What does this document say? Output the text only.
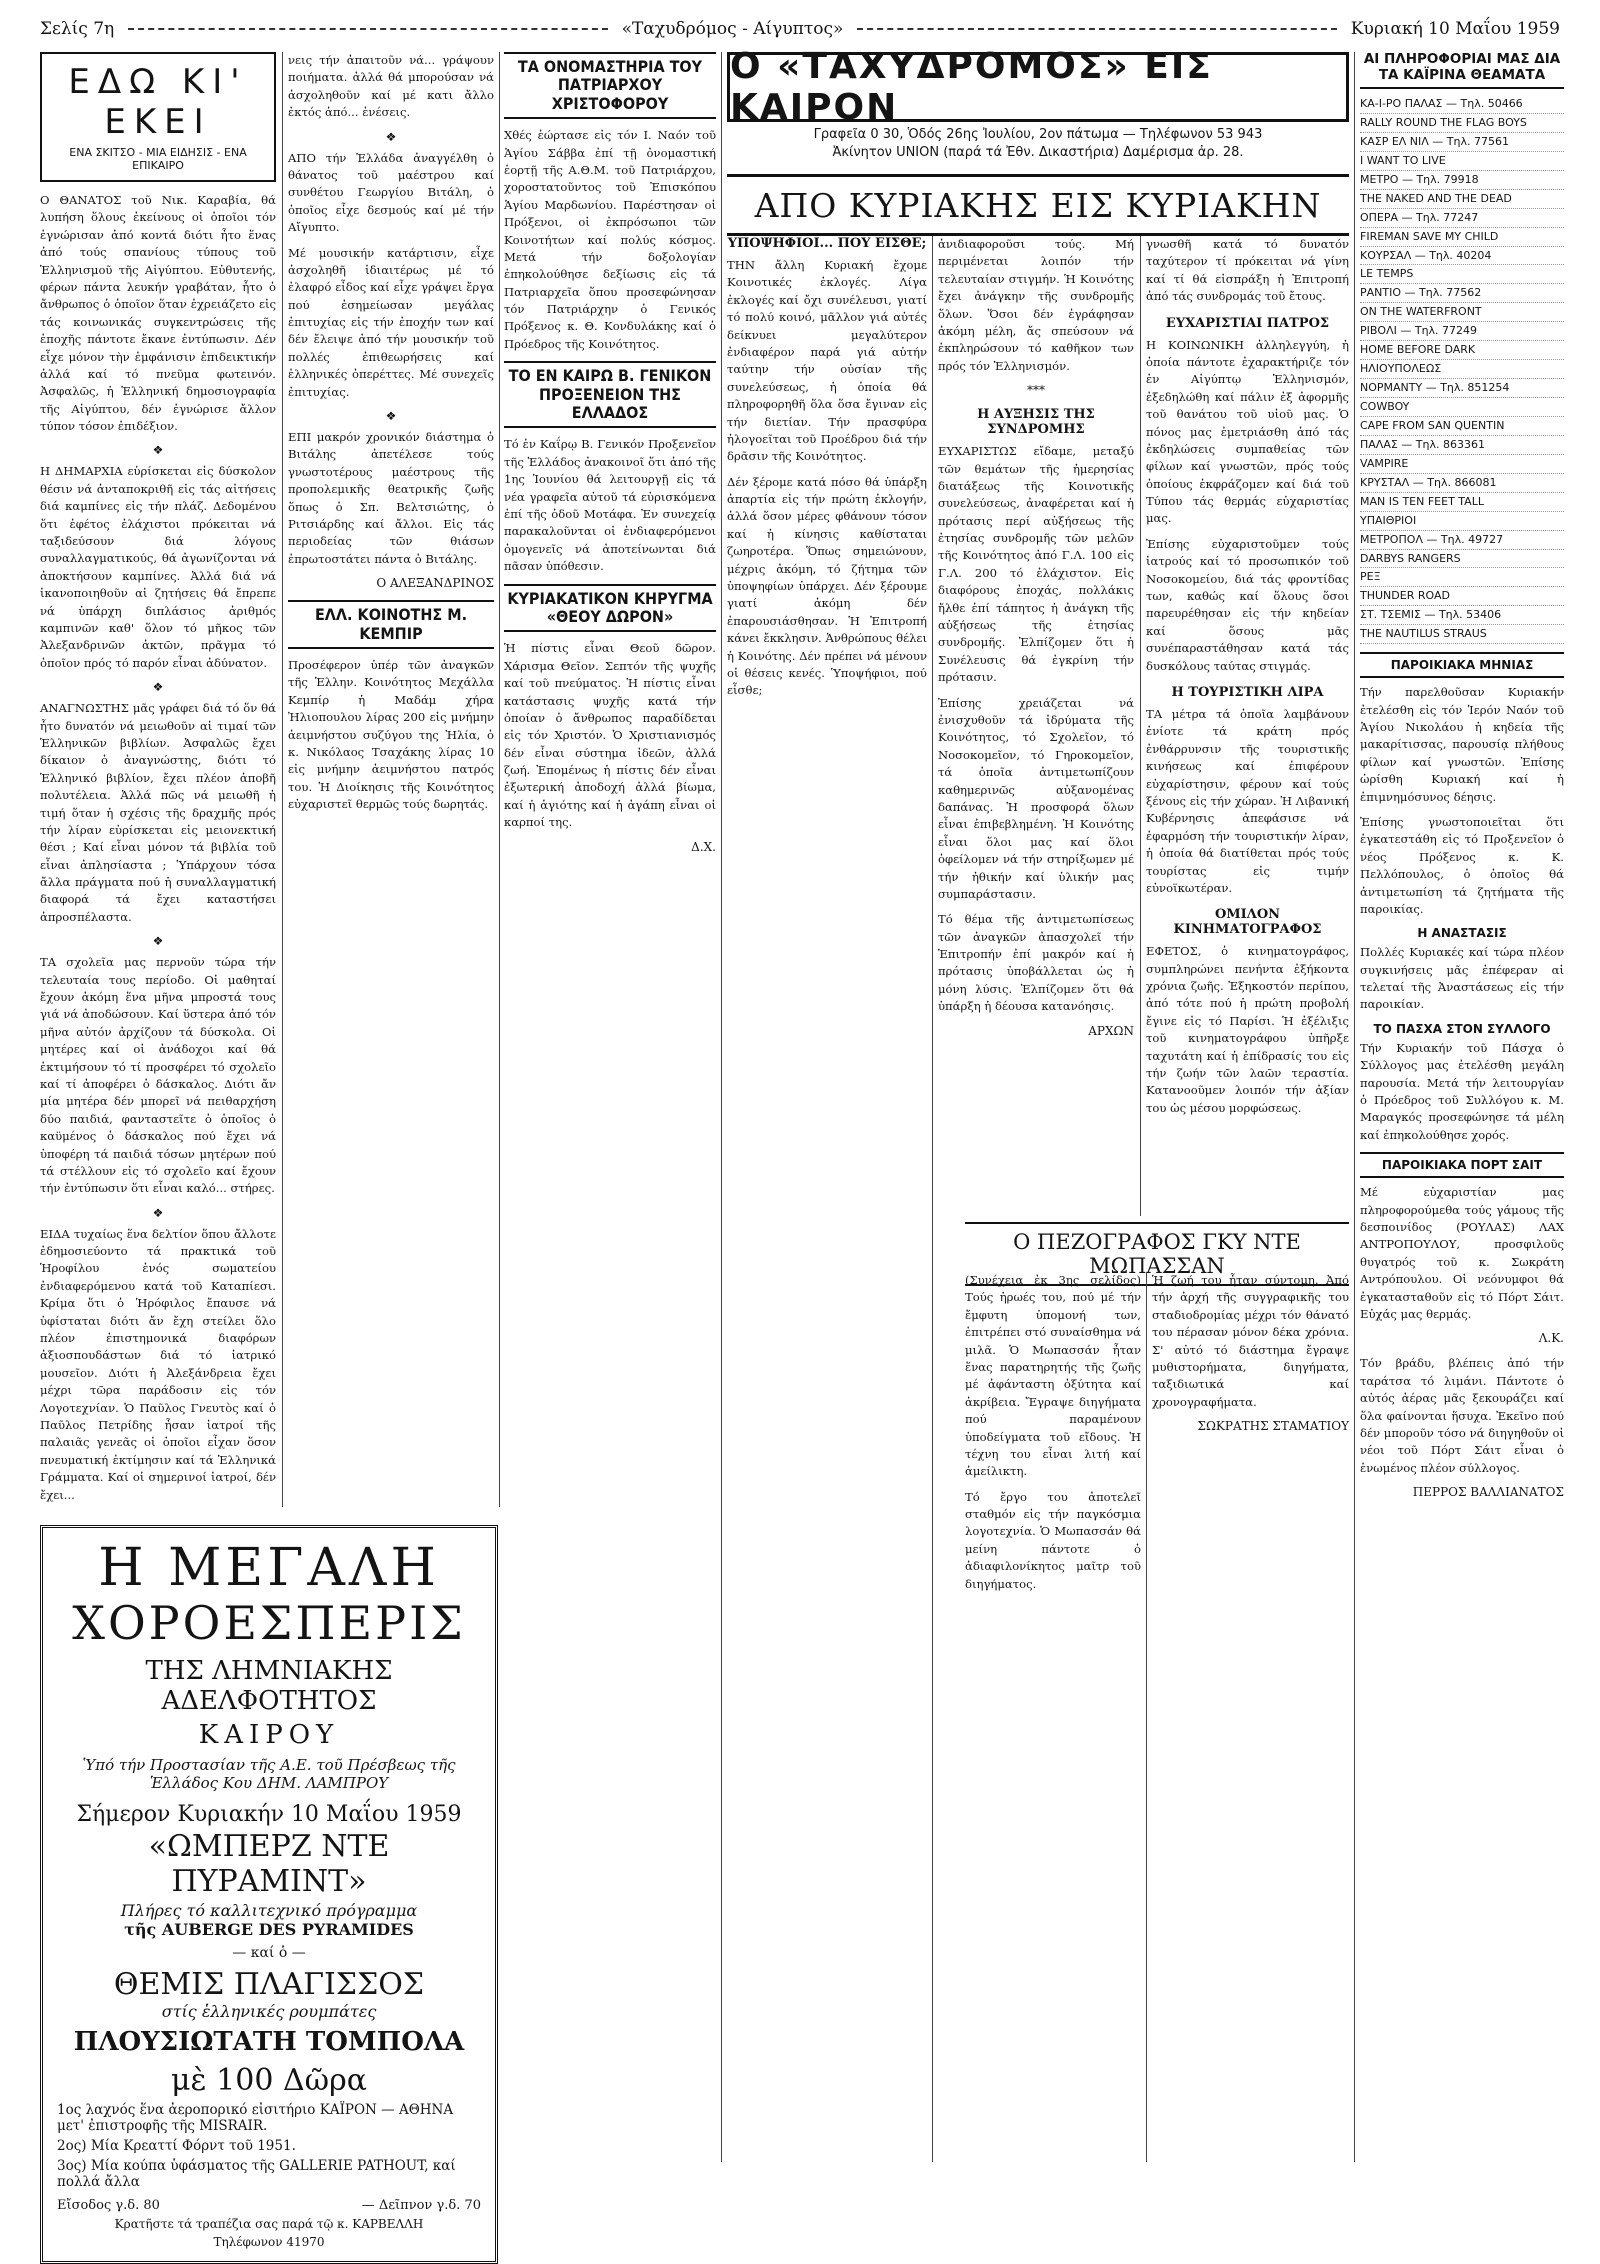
Σελίς 7η	«Ταχυδρόμος - Αίγυπτος»	Κυριακή 10 Μαΐου 1959
ΕΔΩ ΚΙ' ΕΚΕΙ
ΕΝΑ ΣΚΙΤΣΟ - ΜΙΑ ΕΙΔΗΣΙΣ - ΕΝΑ ΕΠΙΚΑΙΡΟ

Ο ΘΑΝΑΤΟΣ τοῦ Νικ. Καραβία, θά λυπήση ὅλους ἐκείνους οἱ ὁποῖοι τόν ἐγνώρισαν ἀπό κοντά διότι ἦτο ἕνας ἀπό τούς σπανίους τύπους τοῦ Ἑλληνισμοῦ τῆς Αἰγύπτου. Εὐθυτενής, φέρων πάντα λευκήν γραβάταν, ἦτο ὁ ἄνθρωπος ὁ ὁποῖον ὅταν ἐχρειάζετο εἰς τάς κοινωνικάς συγκεντρώσεις τῆς ἐποχῆς πάντοτε ἔκανε ἐντύπωσιν. Δέν εἶχε μόνον τὴν ἐμφάνισιν ἐπιδεικτικήν ἀλλά καί τό πνεῦμα φωτεινόν. Ἀσφαλῶς, ἡ Ἑλληνική δημοσιογραφία τῆς Αἰγύπτου, δέν ἐγνώρισε ἄλλον τύπον τόσον ἐπιδέξιον.

❖

Η ΔΗΜΑΡΧΙΑ εὑρίσκεται εἰς δύσκολον θέσιν νά ἀνταποκριθῆ εἰς τάς αἰτήσεις διά καμπίνες εἰς τήν πλάζ. Δεδομένου ὅτι ἐφέτος ἐλάχιστοι πρόκειται νά ταξιδεύσουν διά λόγους συναλλαγματικούς, θά ἀγωνίζονται νά ἀποκτήσουν καμπίνες. Ἀλλά διά νά ἱκανοποιηθοῦν αἱ ζητήσεις θά ἔπρεπε νά ὑπάρχη διπλάσιος ἀριθμός καμπινῶν καθ' ὅλον τό μῆκος τῶν Ἀλεξανδρινῶν ἀκτῶν, πρᾶγμα τό ὁποῖον πρός τό παρόν εἶναι ἀδύνατον.

❖

ΑΝΑΓΝΩΣΤΗΣ μᾶς γράφει διά τό ὅν θά ἦτο δυνατόν νά μειωθοῦν αἱ τιμαί τῶν Ἑλληνικῶν βιβλίων. Ἀσφαλῶς ἔχει δίκαιον ὁ ἀναγνώστης, διότι τό Ἑλληνικό βιβλίον, ἔχει πλέον ἀποβῆ πολυτέλεια. Ἀλλά πῶς νά μειωθῆ ἡ τιμή ὅταν ἡ σχέσις τῆς δραχμῆς πρός τήν λίραν εὑρίσκεται εἰς μειονεκτική θέσι ; Καί εἶναι μόνον τά βιβλία τοῦ εἶναι ἀπλησίαστα ; Ὑπάρχουν τόσα ἄλλα πράγματα πού ἡ συναλλαγματική διαφορά τά ἔχει καταστήσει ἀπροσπέλαστα.

❖

ΤΑ σχολεῖα μας περνοῦν τώρα τήν τελευταία τους περίοδο. Οἱ μαθηταί ἔχουν ἀκόμη ἕνα μῆνα μπροστά τους γιά νά ἀποδώσουν. Καί ὕστερα ἀπό τόν μῆνα αὐτόν ἀρχίζουν τά δύσκολα. Οἱ μητέρες καί οἱ ἀνάδοχοι καί θά ἐκτιμήσουν τό τί προσφέρει τό σχολεῖο καί τί ἀποφέρει ὁ δάσκαλος. Διότι ἄν μία μητέρα δέν μπορεῖ νά πειθαρχήση δύο παιδιά, φανταστεῖτε ὁ ὁποῖος ὁ καϋμένος ὁ δάσκαλος πού ἔχει νά ὑποφέρη τά παιδιά τόσων μητέρων πού τά στέλλουν εἰς τό σχολεῖο καί ἔχουν τήν ἐντύπωσιν ὅτι εἶναι καλό... στήρες.

❖

ΕΙΔΑ τυχαίως ἕνα δελτίον ὅπου ἄλλοτε ἐδημοσιεύοντο τά πρακτικά τοῦ Ἡροφίλου ἑνός σωματείου ἐνδιαφερόμενου κατά τοῦ Καταπίεσι. Κρίμα ὅτι ὁ Ἡρόφιλος ἔπαυσε νά ὑφίσταται διότι ἄν ἔχη στείλει ὅλο πλέον ἐπιστημονικά διαφόρων ἀξιοσπουδάστων διά τό ἰατρικό μουσεῖον. Διότι ἡ Ἀλεξάνδρεια ἔχει μέχρι τῶρα παράδοσιν εἰς τόν Λογοτεχνίαν. Ὁ Παῦλος Γνευτὸς καί ὁ Παῦλος Πετρίδης ἦσαν ἰατροί τῆς παλαιᾶς γενεᾶς οἱ ὁποῖοι εἶχαν ὅσον πνευματική ἐκτίμησιν καί τά Ἑλληνικά Γράμματα. Καί οἱ σημερινοί ἰατροί, δέν ἔχει...

νεις τήν ἀπαιτοῦν νά... γράψουν ποιήματα. ἀλλά θά μπορούσαν νά ἀσχοληθοῦν καί μέ κατι ἄλλο ἐκτός ἀπό... ἐνέσεις.

❖

ΑΠΟ τήν Ἑλλάδα ἀναγγέλθη ὁ θάνατος τοῦ μαέστρου καί συνθέτου Γεωργίου Βιτάλη, ὁ ὁποῖος εἶχε δεσμούς καί μέ τήν Αἴγυπτο.

Μέ μουσικήν κατάρτισιν, εἶχε ἀσχοληθῆ ἰδιαιτέρως μέ τό ἐλαφρό εἶδος καί εἶχε γράψει ἔργα πού ἐσημείωσαν μεγάλας ἐπιτυχίας εἰς τήν ἐποχήν των καί δέν ἔλειψε ἀπό τήν μουσικήν τοῦ πολλές ἐπιθεωρήσεις καί ἑλληνικές ὀπερέττες. Μέ συνεχεῖς ἐπιτυχίας.

❖

ΕΠΙ μακρόν χρονικόν διάστημα ὁ Βιτάλης ἀπετέλεσε τούς γνωστοτέρους μαέστρους τῆς προπολεμικῆς θεατρικῆς ζωῆς ὅπως ὁ Σπ. Βελτσιώτης, ὁ Ριτσιάρδης καί ἄλλοι. Εἰς τάς περιοδείας τῶν θιάσων ἐπρωτοστάτει πάντα ὁ Βιτάλης.

Ο ΑΛΕΞΑΝΔΡΙΝΟΣ
ΕΛΛ. ΚΟΙΝΟΤΗΣ Μ. ΚΕΜΠΙΡ

Προσέφερον ὑπέρ τῶν ἀναγκῶν τῆς Ἑλλην. Κοινότητος Μεχάλλα Κεμπίρ ἡ Μαδάμ χήρα Ἠλιοπουλου λίρας 200 εἰς μνήμην ἀειμνήστου συζύγου της Ἠλία, ὁ κ. Νικόλαος Τσαχάκης λίρας 10 εἰς μνήμην ἀειμνήστου πατρός του. Ἡ Διοίκησις τῆς Κοινότητος εὐχαριστεῖ θερμῶς τούς δωρητάς.

ΤΑ ΟΝΟΜΑΣΤΗΡΙΑ ΤΟΥ ΠΑΤΡΙΑΡΧΟΥ ΧΡΙΣΤΟΦΟΡΟΥ

Χθές ἑώρτασε εἰς τόν Ι. Ναόν τοῦ Ἁγίου Σάββα ἐπί τῇ ὀνομαστική ἑορτῇ τῆς Α.Θ.Μ. τοῦ Πατριάρχου, χοροστατοῦντος τοῦ Ἐπισκόπου Ἁγίου Μαρδωνίου. Παρέστησαν οἱ Πρόξενοι, οἱ ἐκπρόσωποι τῶν Κοινοτήτων καί πολύς κόσμος. Μετά τήν δοξολογίαν ἐπηκολούθησε δεξίωσις εἰς τά Πατριαρχεῖα ὅπου προσεφώνησαν τόν Πατριάρχην ὁ Γενικός Πρόξενος κ. Θ. Κονδυλάκης καί ὁ Πρόεδρος τῆς Κοινότητος.

ΤΟ ΕΝ ΚΑΙΡΩ Β. ΓΕΝΙΚΟΝ ΠΡΟΞΕΝΕΙΟΝ ΤΗΣ ΕΛΛΑΔΟΣ

Τό ἐν Καΐρῳ Β. Γενικόν Προξενεῖον τῆς Ἑλλάδος ἀνακοινοῖ ὅτι ἀπό τῆς 1ης Ἰουνίου θά λειτουργῇ εἰς τά νέα γραφεῖα αὐτοῦ τά εὑρισκόμενα ἐπί τῆς ὁδοῦ Μοτάφα. Ἐν συνεχείᾳ παρακαλοῦνται οἱ ἐνδιαφερόμενοι ὁμογενεῖς νά ἀποτείνωνται διά πᾶσαν ὑπόθεσιν.

ΚΥΡΙΑΚΑΤΙΚΟΝ ΚΗΡΥΓΜΑ «ΘΕΟΥ ΔΩΡΟΝ»

Ἡ πίστις εἶναι Θεοῦ δῶρον. Χάρισμα Θεῖον. Σεπτόν τῆς ψυχῆς καί τοῦ πνεύματος. Ἡ πίστις εἶναι κατάστασις ψυχῆς κατά τήν ὁποίαν ὁ ἄνθρωπος παραδίδεται εἰς τόν Χριστόν. Ὁ Χριστιανισμός δέν εἶναι σύστημα ἰδεῶν, ἀλλά ζωή. Ἐπομένως ἡ πίστις δέν εἶναι ἐξωτερική ἀποδοχή ἀλλά βίωμα, καί ἡ ἁγιότης καί ἡ ἀγάπη εἶναι οἱ καρποί της.

Δ.Χ.
Η ΜΕΓΑΛΗ
ΧΟΡΟΕΣΠΕΡΙΣ
ΤΗΣ ΛΗΜΝΙΑΚΗΣ ΑΔΕΛΦΟΤΗΤΟΣ
ΚΑΙΡΟΥ
Ὑπό τήν Προστασίαν τῆς Α.Ε. τοῦ Πρέσβεως τῆς Ἑλλάδος Κου ΔΗΜ. ΛΑΜΠΡΟΥ
Σήμερον Κυριακήν 10 Μαΐου 1959
«ΩΜΠΕΡΖ ΝΤΕ ΠΥΡΑΜΙΝΤ»
Πλήρες τό καλλιτεχνικό πρόγραμμα
τῆς AUBERGE DES PYRAMIDES
— καί ὁ —
ΘΕΜΙΣ ΠΛΑΓΙΣΣΟΣ
στίς ἑλληνικές ρουμπάτες
ΠΛΟΥΣΙΩΤΑΤΗ ΤΟΜΠΟΛΑ
μὲ 100 Δῶρα
1ος λαχνός ἕνα ἀεροπορικό εἰσιτήριο ΚΑΪΡΟΝ — ΑΘΗΝΑ μετ' ἐπιστροφῆς τῆς MISRAIR.
2ος) Μία Κρεαττί Φόρντ τοῦ 1951.
3ος) Μία κούπα ὑφάσματος τῆς GALLERIE PATHOUT, καί πολλά ἄλλα
Εἴσοδος γ.δ. 80	— Δεῖπνον γ.δ. 70
Κρατῆστε τά τραπέζια σας παρά τῷ κ. ΚΑΡΒΕΛΛΗ
Τηλέφωνον 41970
Ο «ΤΑΧΥΔΡΟΜΟΣ» ΕΙΣ ΚΑΙΡΟΝ
Γραφεῖα 0 30, Ὁδός 26ης Ἰουλίου, 2ον πάτωμα — Τηλέφωνον 53 943
Ἀκίνητον UNION (παρά τά Ἐθν. Δικαστήρια) Δαμέρισμα ἀρ. 28.
ΑΠΟ ΚΥΡΙΑΚΗΣ ΕΙΣ ΚΥΡΙΑΚΗΝ
ΥΠΟΨΗΦΙΟΙ... ΠΟΥ ΕΙΣΘΕ;

ΤΗΝ ἄλλη Κυριακή ἔχομε Κοινοτικές ἐκλογές. Λίγα ἐκλογές καί ὄχι συνέλευσι, γιατί τό πολύ κοινό, μᾶλλον γιά αὐτές δείκνυει μεγαλύτερον ἐνδιαφέρον παρά γιά αὐτήν ταύτην τήν οὐσίαν τῆς συνελεύσεως, ἡ ὁποία θά πληροφορηθῆ ὅλα ὅσα ἔγιναν εἰς τήν διετίαν. Τήν πρασφύρα ἠλογοεῖται τοῦ Προέδρου διά τήν δρᾶσιν τῆς Κοινότητος.

Δέν ξέρομε κατά πόσο θά ὑπάρξη ἀπαρτία εἰς τήν πρώτη ἐκλογήν, ἀλλά ὅσον μέρες φθάνουν τόσον καί ἡ κίνησις καθίσταται ζωηροτέρα. Ὅπως σημειώνουν, μέχρις ἀκόμη, τό ζήτημα τῶν ὑποψηφίων ὑπάρχει. Δέν ξέρουμε γιατί ἀκόμη δέν ἐπαρουσιάσθησαν. Ἡ Ἐπιτροπή κάνει ἔκκλησιν. Ἀνθρώπους θέλει ἡ Κοινότης. Δέν πρέπει νά μένουν οἱ θέσεις κενές. Ὑποψήφιοι, πού εἶσθε;

ἀνιδιαφοροῦσι τούς. Μή περιμένεται λοιπόν τήν τελευταίαν στιγμήν. Ἡ Κοινότης ἔχει ἀνάγκην τῆς συνδρομῆς ὅλων. Ὅσοι δέν ἐγράφησαν ἀκόμη μέλη, ἄς σπεύσουν νά ἐκπληρώσουν τό καθῆκον των πρός τόν Ἑλληνισμόν.

***
Η ΑΥΞΗΣΙΣ ΤΗΣ ΣΥΝΔΡΟΜΗΣ

ΕΥΧΑΡΙΣΤΩΣ εἴδαμε, μεταξύ τῶν θεμάτων τῆς ἡμερησίας διατάξεως τῆς Κοινοτικῆς συνελεύσεως, ἀναφέρεται καί ἡ πρότασις περί αὐξήσεως τῆς ἐτησίας συνδρομῆς τῶν μελῶν τῆς Κοινότητος ἀπό Γ.Λ. 100 εἰς Γ.Λ. 200 τό ἐλάχιστον. Εἰς διαφόρους ἐποχάς, πολλάκις ἤλθε ἐπί τάπητος ἡ ἀνάγκη τῆς αὐξήσεως τῆς ἐτησίας συνδρομῆς. Ἐλπίζομεν ὅτι ἡ Συνέλευσις θά ἐγκρίνη τήν πρότασιν.

Ἐπίσης χρειάζεται νά ἐνισχυθοῦν τά ἱδρύματα τῆς Κοινότητος, τό Σχολεῖον, τό Νοσοκομεῖον, τό Γηροκομεῖον, τά ὁποῖα ἀντιμετωπίζουν καθημερινῶς αὐξανομένας δαπάνας. Ἡ προσφορά ὅλων εἶναι ἐπιβεβλημένη. Ἡ Κοινότης εἶναι ὅλοι μας καί ὅλοι ὀφείλομεν νά τήν στηρίξωμεν μέ τήν ἠθικήν καί ὑλικήν μας συμπαράστασιν.

Τό θέμα τῆς ἀντιμετωπίσεως τῶν ἀναγκῶν ἀπασχολεῖ τήν Ἐπιτροπήν ἐπί μακρόν καί ἡ πρότασις ὑποβάλλεται ὡς ἡ μόνη λύσις. Ἐλπίζομεν ὅτι θά ὑπάρξη ἡ δέουσα κατανόησις.

ΑΡΧΩΝ

γνωσθῆ κατά τό δυνατόν ταχύτερον τί πρόκειται νά γίνη καί τί θά εἰσπράξη ἡ Ἐπιτροπή ἀπό τάς συνδρομάς τοῦ ἔτους.

ΕΥΧΑΡΙΣΤΙΑΙ ΠΑΤΡΟΣ

Η ΚΟΙΝΩΝΙΚΗ ἀλληλεγγύη, ἡ ὁποία πάντοτε ἐχαρακτήριζε τόν ἐν Αἰγύπτῳ Ἑλληνισμόν, ἐξεδηλώθη καί πάλιν ἐξ ἀφορμῆς τοῦ θανάτου τοῦ υἱοῦ μας. Ὁ πόνος μας ἐμετριάσθη ἀπό τάς ἐκδηλώσεις συμπαθείας τῶν φίλων καί γνωστῶν, πρός τούς ὁποίους ἐκφράζομεν καί διά τοῦ Τύπου τάς θερμάς εὐχαριστίας μας.

Ἐπίσης εὐχαριστοῦμεν τούς ἰατρούς καί τό προσωπικόν τοῦ Νοσοκομείου, διά τάς φροντίδας των, καθώς καί ὅλους ὅσοι παρευρέθησαν εἰς τήν κηδείαν καί ὅσους μᾶς συνέπαραστάθησαν κατά τάς δυσκόλους ταύτας στιγμάς.

Η ΤΟΥΡΙΣΤΙΚΗ ΛΙΡΑ

ΤΑ μέτρα τά ὁποῖα λαμβάνουν ἐνίοτε τά κράτη πρός ἐνθάρρυνσιν τῆς τουριστικῆς κινήσεως καί ἐπιφέρουν εὐχαρίστησιν, φέρουν καί τούς ξένους εἰς τήν χώραν. Ἡ Λιβανική Κυβέρνησις ἀπεφάσισε νά ἐφαρμόση τήν τουριστικήν λίραν, ἡ ὁποία θά διατίθεται πρός τούς τουρίστας εἰς τιμήν εὐνοϊκωτέραν.

ΟΜΙΛΟΝ ΚΙΝΗΜΑΤΟΓΡΑΦΟΣ

ΕΦΕΤΟΣ, ὁ κινηματογράφος, συμπληρώνει πενήντα ἐξήκοντα χρόνια ζωῆς. Ἐξηκοστόν περίπου, ἀπό τότε πού ἡ πρώτη προβολή ἔγινε εἰς τό Παρίσι. Ἡ ἐξέλιξις τοῦ κινηματογράφου ὑπῆρξε ταχυτάτη καί ἡ ἐπίδρασίς του εἰς τήν ζωήν τῶν λαῶν τεραστία. Κατανοοῦμεν λοιπόν τήν ἀξίαν του ὡς μέσου μορφώσεως.

Ο ΠΕΖΟΓΡΑΦΟΣ ΓΚΥ ΝΤΕ ΜΩΠΑΣΣΑΝ

(Συνέχεια ἐκ 3ης σελίδος) Τούς ἡρωές του, πού μέ τήν ἔμφυτη ὑπομονή των, ἐπιτρέπει στό συναίσθημα νά μιλᾶ. Ὁ Μωπασσάν ἦταν ἕνας παρατηρητής τῆς ζωῆς μέ ἀφάνταστη ὀξύτητα καί ἀκρίβεια. Ἔγραψε διηγήματα πού παραμένουν ὑποδείγματα τοῦ εἴδους. Ἡ τέχνη του εἶναι λιτή καί ἀμείλικτη.

Τό ἔργο του ἀποτελεῖ σταθμόν εἰς τήν παγκόσμια λογοτεχνία. Ὁ Μωπασσάν θά μείνη πάντοτε ὁ ἀδιαφιλονίκητος μαῖτρ τοῦ διηγήματος.

Ἡ ζωή του ἦταν σύντομη. Ἀπό τήν ἀρχή τῆς συγγραφικῆς του σταδιοδρομίας μέχρι τόν θάνατό του πέρασαν μόνον δέκα χρόνια. Σ' αὐτό τό διάστημα ἔγραψε μυθιστορήματα, διηγήματα, ταξιδιωτικά καί χρονογραφήματα.

ΣΩΚΡΑΤΗΣ ΣΤΑΜΑΤΙΟΥ
ΑΙ ΠΛΗΡΟΦΟΡΙΑΙ ΜΑΣ ΔΙΑ ΤΑ ΚΑΪΡΙΝΑ ΘΕΑΜΑΤΑ
ΚΑ-Ι-ΡΟ ΠΑΛΑΣ — Τηλ. 50466
RALLY ROUND THE FLAG BOYS
ΚΑΣΡ ΕΛ ΝΙΛ — Τηλ. 77561
I WANT TO LIVE
ΜΕΤΡΟ — Τηλ. 79918
THE NAKED AND THE DEAD
ΟΠΕΡΑ — Τηλ. 77247
FIREMAN SAVE MY CHILD
ΚΟΥΡΣΑΛ — Τηλ. 40204
LE TEMPS
ΡΑΝΤΙΟ — Τηλ. 77562
ON THE WATERFRONT
ΡΙΒΟΛΙ — Τηλ. 77249
HOME BEFORE DARK
ΗΛΙΟΥΠΟΛΕΩΣ
ΝΟΡΜΑΝΤΥ — Τηλ. 851254
COWBOY
CAPE FROM SAN QUENTIN
ΠΑΛΑΣ — Τηλ. 863361
VAMPIRE
ΚΡΥΣΤΑΛ — Τηλ. 866081
MAN IS TEN FEET TALL
ΥΠΑΙΘΡΙΟΙ
ΜΕΤΡΟΠΟΛ — Τηλ. 49727
DARBYS RANGERS
ΡΕΞ
THUNDER ROAD
ΣΤ. ΤΣΕΜΙΣ — Τηλ. 53406
THE NAUTILUS STRAUS
ΠΑΡΟΙΚΙΑΚΑ ΜΗΝΙΑΣ

Τήν παρελθοῦσαν Κυριακήν ἐτελέσθη εἰς τόν Ἱερόν Ναόν τοῦ Ἁγίου Νικολάου ἡ κηδεία τῆς μακαρίτισσας, παρουσίᾳ πλήθους φίλων καί γνωστῶν. Ἐπίσης ὡρίσθη Κυριακή καί ἡ ἐπιμνημόσυνος δέησις.

Ἐπίσης γνωστοποιεῖται ὅτι ἐγκατεστάθη εἰς τό Προξενεῖον ὁ νέος Πρόξενος κ. Κ. Πελλόπουλος, ὁ ὁποῖος θά ἀντιμετωπίση τά ζητήματα τῆς παροικίας.

Η ΑΝΑΣΤΑΣΙΣ

Πολλές Κυριακές καί τώρα πλέον συγκινήσεις μᾶς ἐπέφεραν αἱ τελεταί τῆς Ἀναστάσεως εἰς τήν παροικίαν.

ΤΟ ΠΑΣΧΑ ΣΤΟΝ ΣΥΛΛΟΓΟ

Τήν Κυριακήν τοῦ Πάσχα ὁ Σύλλογος μας ἐτελέσθη μεγάλη παρουσία. Μετά τήν λειτουργίαν ὁ Πρόεδρος τοῦ Συλλόγου κ. Μ. Μαραγκός προσεφώνησε τά μέλη καί ἐπηκολούθησε χορός.

ΠΑΡΟΙΚΙΑΚΑ ΠΟΡΤ ΣΑΙΤ

Μέ εὐχαριστίαν μας πληροφορούμεθα τούς γάμους τῆς δεσποινίδος (ΡΟΥΛΑΣ) ΛΑΧ ΑΝΤΡΟΠΟΥΛΟΥ, προσφιλοῦς θυγατρός τοῦ κ. Σωκράτη Αντρόπουλου. Οἱ νεόνυμφοι θά ἐγκατασταθοῦν εἰς τό Πόρτ Σάιτ. Εὐχάς μας θερμάς.

Λ.Κ.

Τόν βράδυ, βλέπεις ἀπό τήν ταράτσα τό λιμάνι. Πάντοτε ὁ αὐτός ἀέρας μᾶς ξεκουράζει καί ὅλα φαίνονται ἥσυχα. Ἐκεῖνο πού δέν μποροῦν τόσο νά διηγηθοῦν οἱ νέοι τοῦ Πόρτ Σάιτ εἶναι ὁ ἑνωμένος πλέον σύλλογος.

ΠΕΡΡΟΣ ΒΑΛΛΙΑΝΑΤΟΣ
